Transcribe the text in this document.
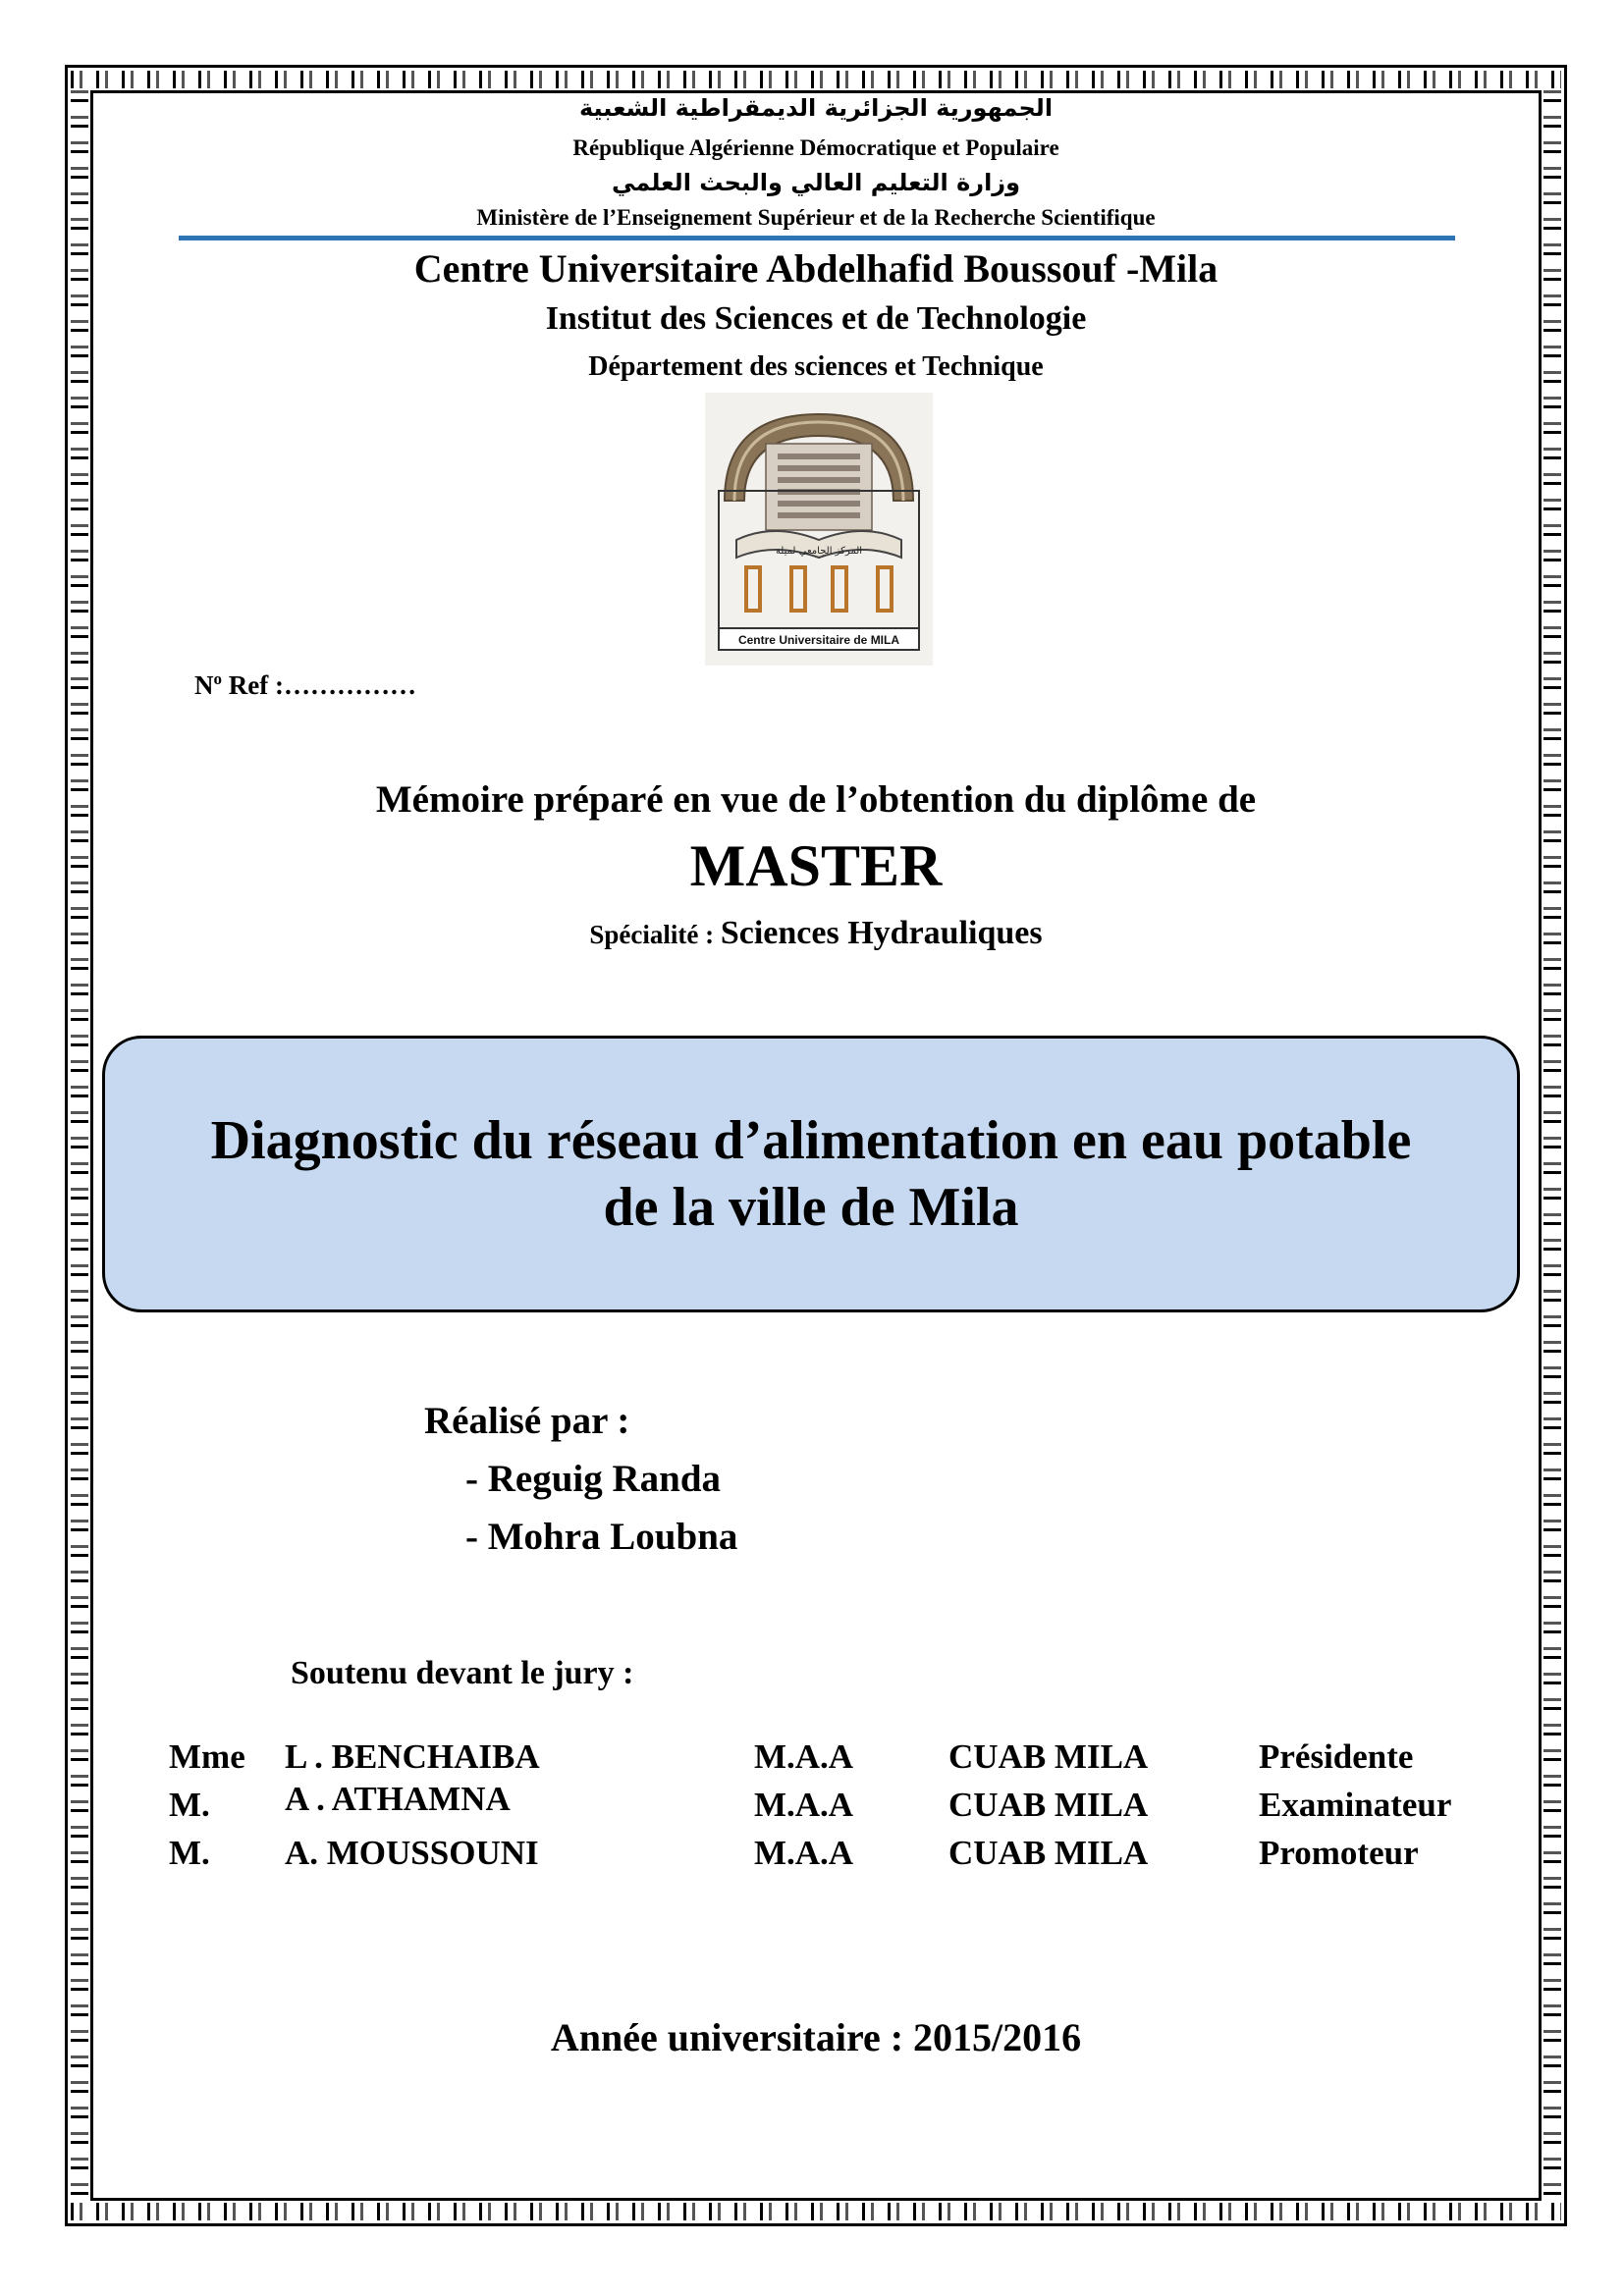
الجمهورية الجزائرية الديمقراطية الشعبية
République Algérienne Démocratique et Populaire
وزارة التعليم العالي والبحث العلمي
Ministère de l’Enseignement Supérieur et de la Recherche Scientifique
Centre Universitaire Abdelhafid Boussouf -Mila
Institut des Sciences et de Technologie
Département des sciences et Technique
المركز الجامعي لميلة
Centre Universitaire de MILA
$N^o$ Ref :……………
Mémoire préparé en vue de l’obtention du diplôme de
MASTER
Spécialité : Sciences Hydrauliques
Diagnostic du réseau d’alimentation en eau potable
de la ville de Mila
Réalisé par :
- Reguig Randa
- Mohra Loubna
Soutenu devant le jury :
Mme L . BENCHAIBA	M.A.A	CUAB MILA	Présidente
M. A . ATHAMNA	M.A.A	CUAB MILA	Examinateur
M. A. MOUSSOUNI	M.A.A	CUAB MILA	Promoteur
Année universitaire : 2015/2016
